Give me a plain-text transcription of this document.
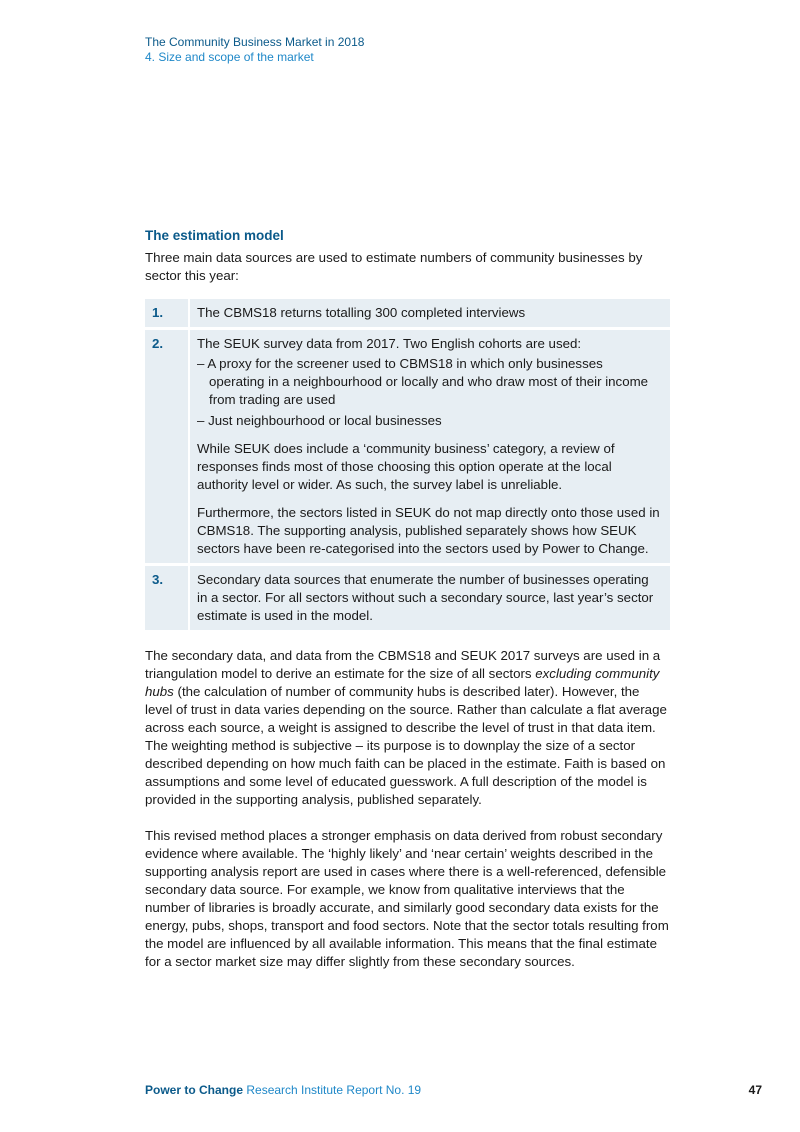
The Community Business Market in 2018
4. Size and scope of the market
The estimation model

Three main data sources are used to estimate numbers of community businesses by sector this year:

1.	The CBMS18 returns totalling 300 completed interviews
2.	The SEUK survey data from 2017. Two English cohorts are used:

– A proxy for the screener used to CBMS18 in which only businesses operating in a neighbourhood or locally and who draw most of their income from trading are used

– Just neighbourhood or local businesses

While SEUK does include a ‘community business’ category, a review of responses finds most of those choosing this option operate at the local authority level or wider. As such, the survey label is unreliable.

Furthermore, the sectors listed in SEUK do not map directly onto those used in CBMS18. The supporting analysis, published separately shows how SEUK sectors have been re-categorised into the sectors used by Power to Change.

3.	Secondary data sources that enumerate the number of businesses operating in a sector. For all sectors without such a secondary source, last year’s sector estimate is used in the model.

The secondary data, and data from the CBMS18 and SEUK 2017 surveys are used in a triangulation model to derive an estimate for the size of all sectors excluding community hubs (the calculation of number of community hubs is described later). However, the level of trust in data varies depending on the source. Rather than calculate a flat average across each source, a weight is assigned to describe the level of trust in that data item. The weighting method is subjective – its purpose is to downplay the size of a sector described depending on how much faith can be placed in the estimate. Faith is based on assumptions and some level of educated guesswork. A full description of the model is provided in the supporting analysis, published separately.

This revised method places a stronger emphasis on data derived from robust secondary evidence where available. The ‘highly likely’ and ‘near certain’ weights described in the supporting analysis report are used in cases where there is a well-referenced, defensible secondary data source. For example, we know from qualitative interviews that the number of libraries is broadly accurate, and similarly good secondary data exists for the energy, pubs, shops, transport and food sectors. Note that the sector totals resulting from the model are influenced by all available information. This means that the final estimate for a sector market size may differ slightly from these secondary sources.

Power to Change Research Institute Report No. 19	47
